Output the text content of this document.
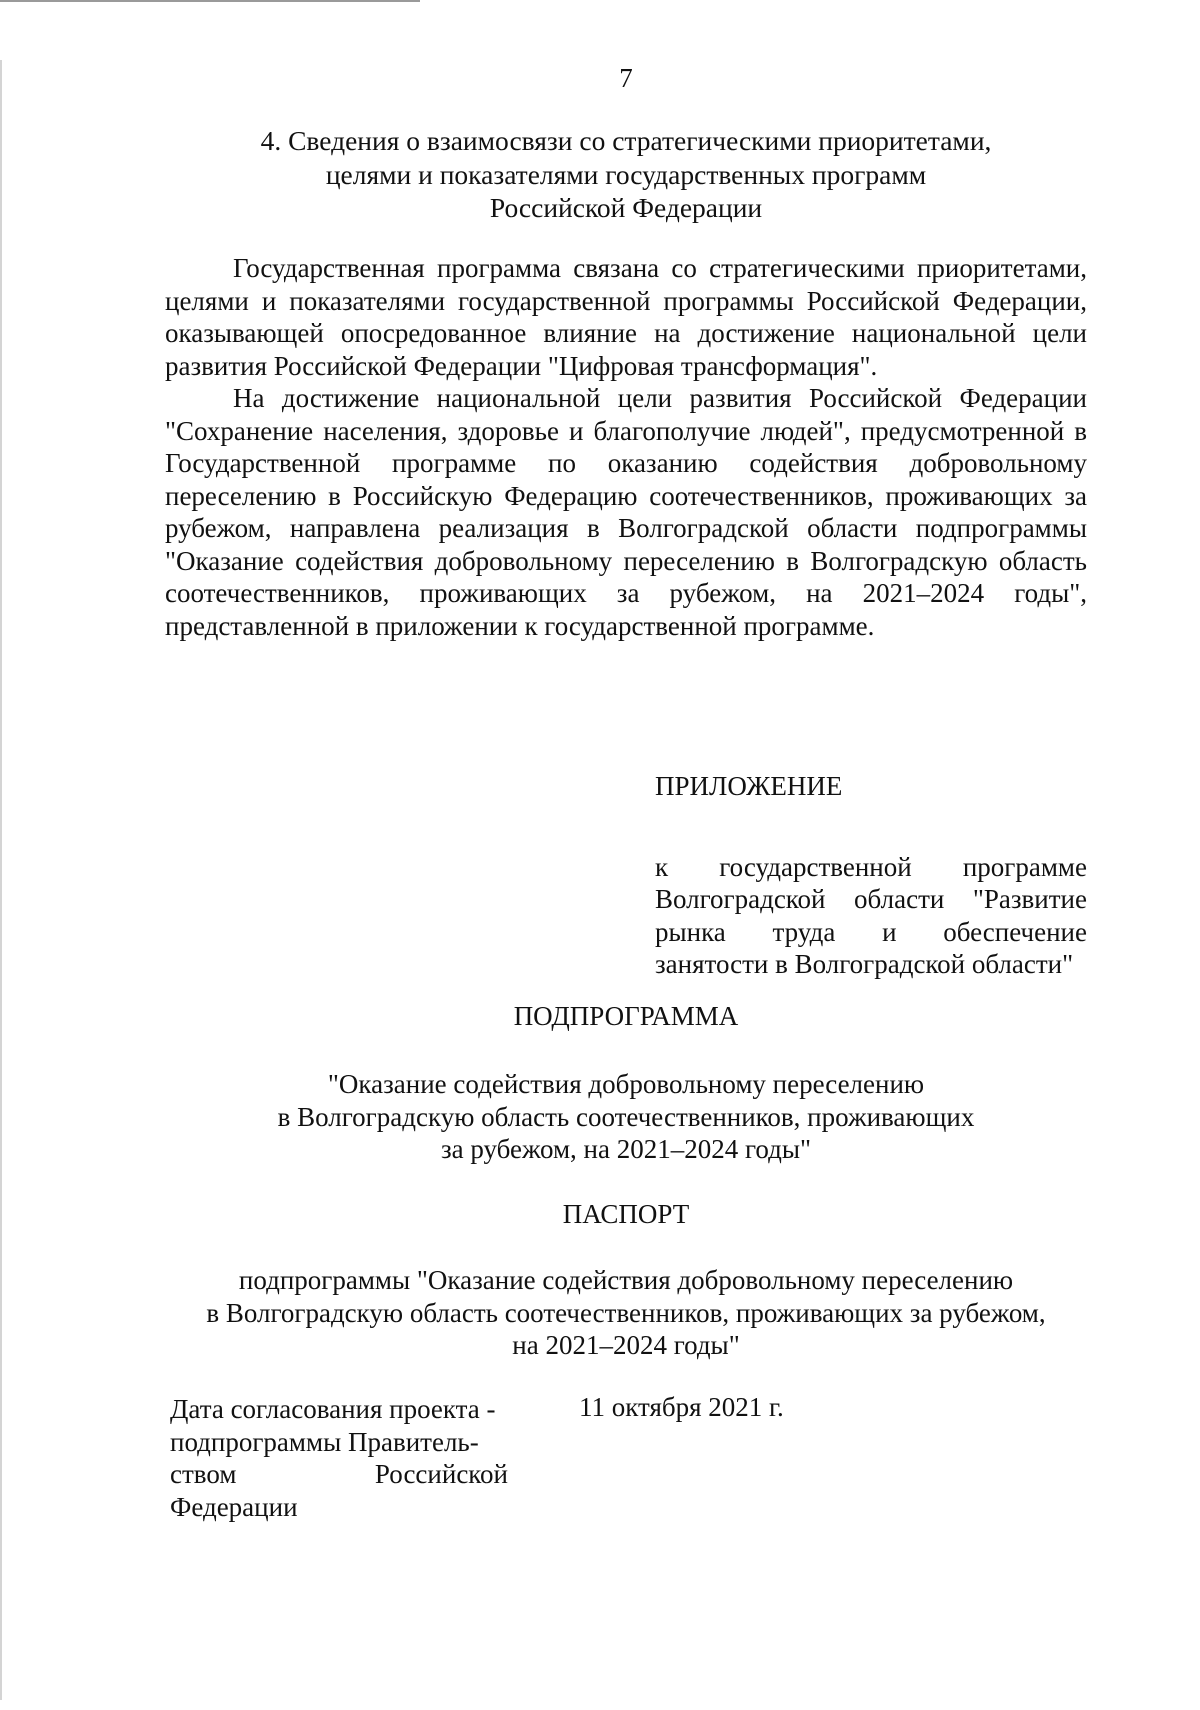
7
4. Сведения о взаимосвязи со стратегическими приоритетами,
целями и показателями государственных программ
Российской Федерации

Государственная программа связана со стратегическими приоритетами, целями и показателями государственной программы Российской Федерации, оказывающей опосредованное влияние на достижение национальной цели развития Российской Федерации "Цифровая трансформация".

На достижение национальной цели развития Российской Федерации "Сохранение населения, здоровье и благополучие людей", предусмотренной в Государственной программе по оказанию содействия добровольному переселению в Российскую Федерацию соотечественников, проживающих за рубежом, направлена реализация в Волгоградской области подпрограммы "Оказание содействия добровольному переселению в Волгоградскую область соотечественников, проживающих за рубежом, на 2021–2024 годы", представленной в приложении к государственной программе.

ПРИЛОЖЕНИЕ

к государственной программе Волгоградской области "Развитие рынка труда и обеспечение занятости в Волгоградской области"

ПОДПРОГРАММА
"Оказание содействия добровольному переселению
в Волгоградскую область соотечественников, проживающих
за рубежом, на 2021–2024 годы"
ПАСПОРТ
подпрограммы "Оказание содействия добровольному переселению
в Волгоградскую область соотечественников, проживающих за рубежом,
на 2021–2024 годы"
Дата согласования проекта -
подпрограммы Правитель-
ством Российской Федерации
11 октября 2021 г.
